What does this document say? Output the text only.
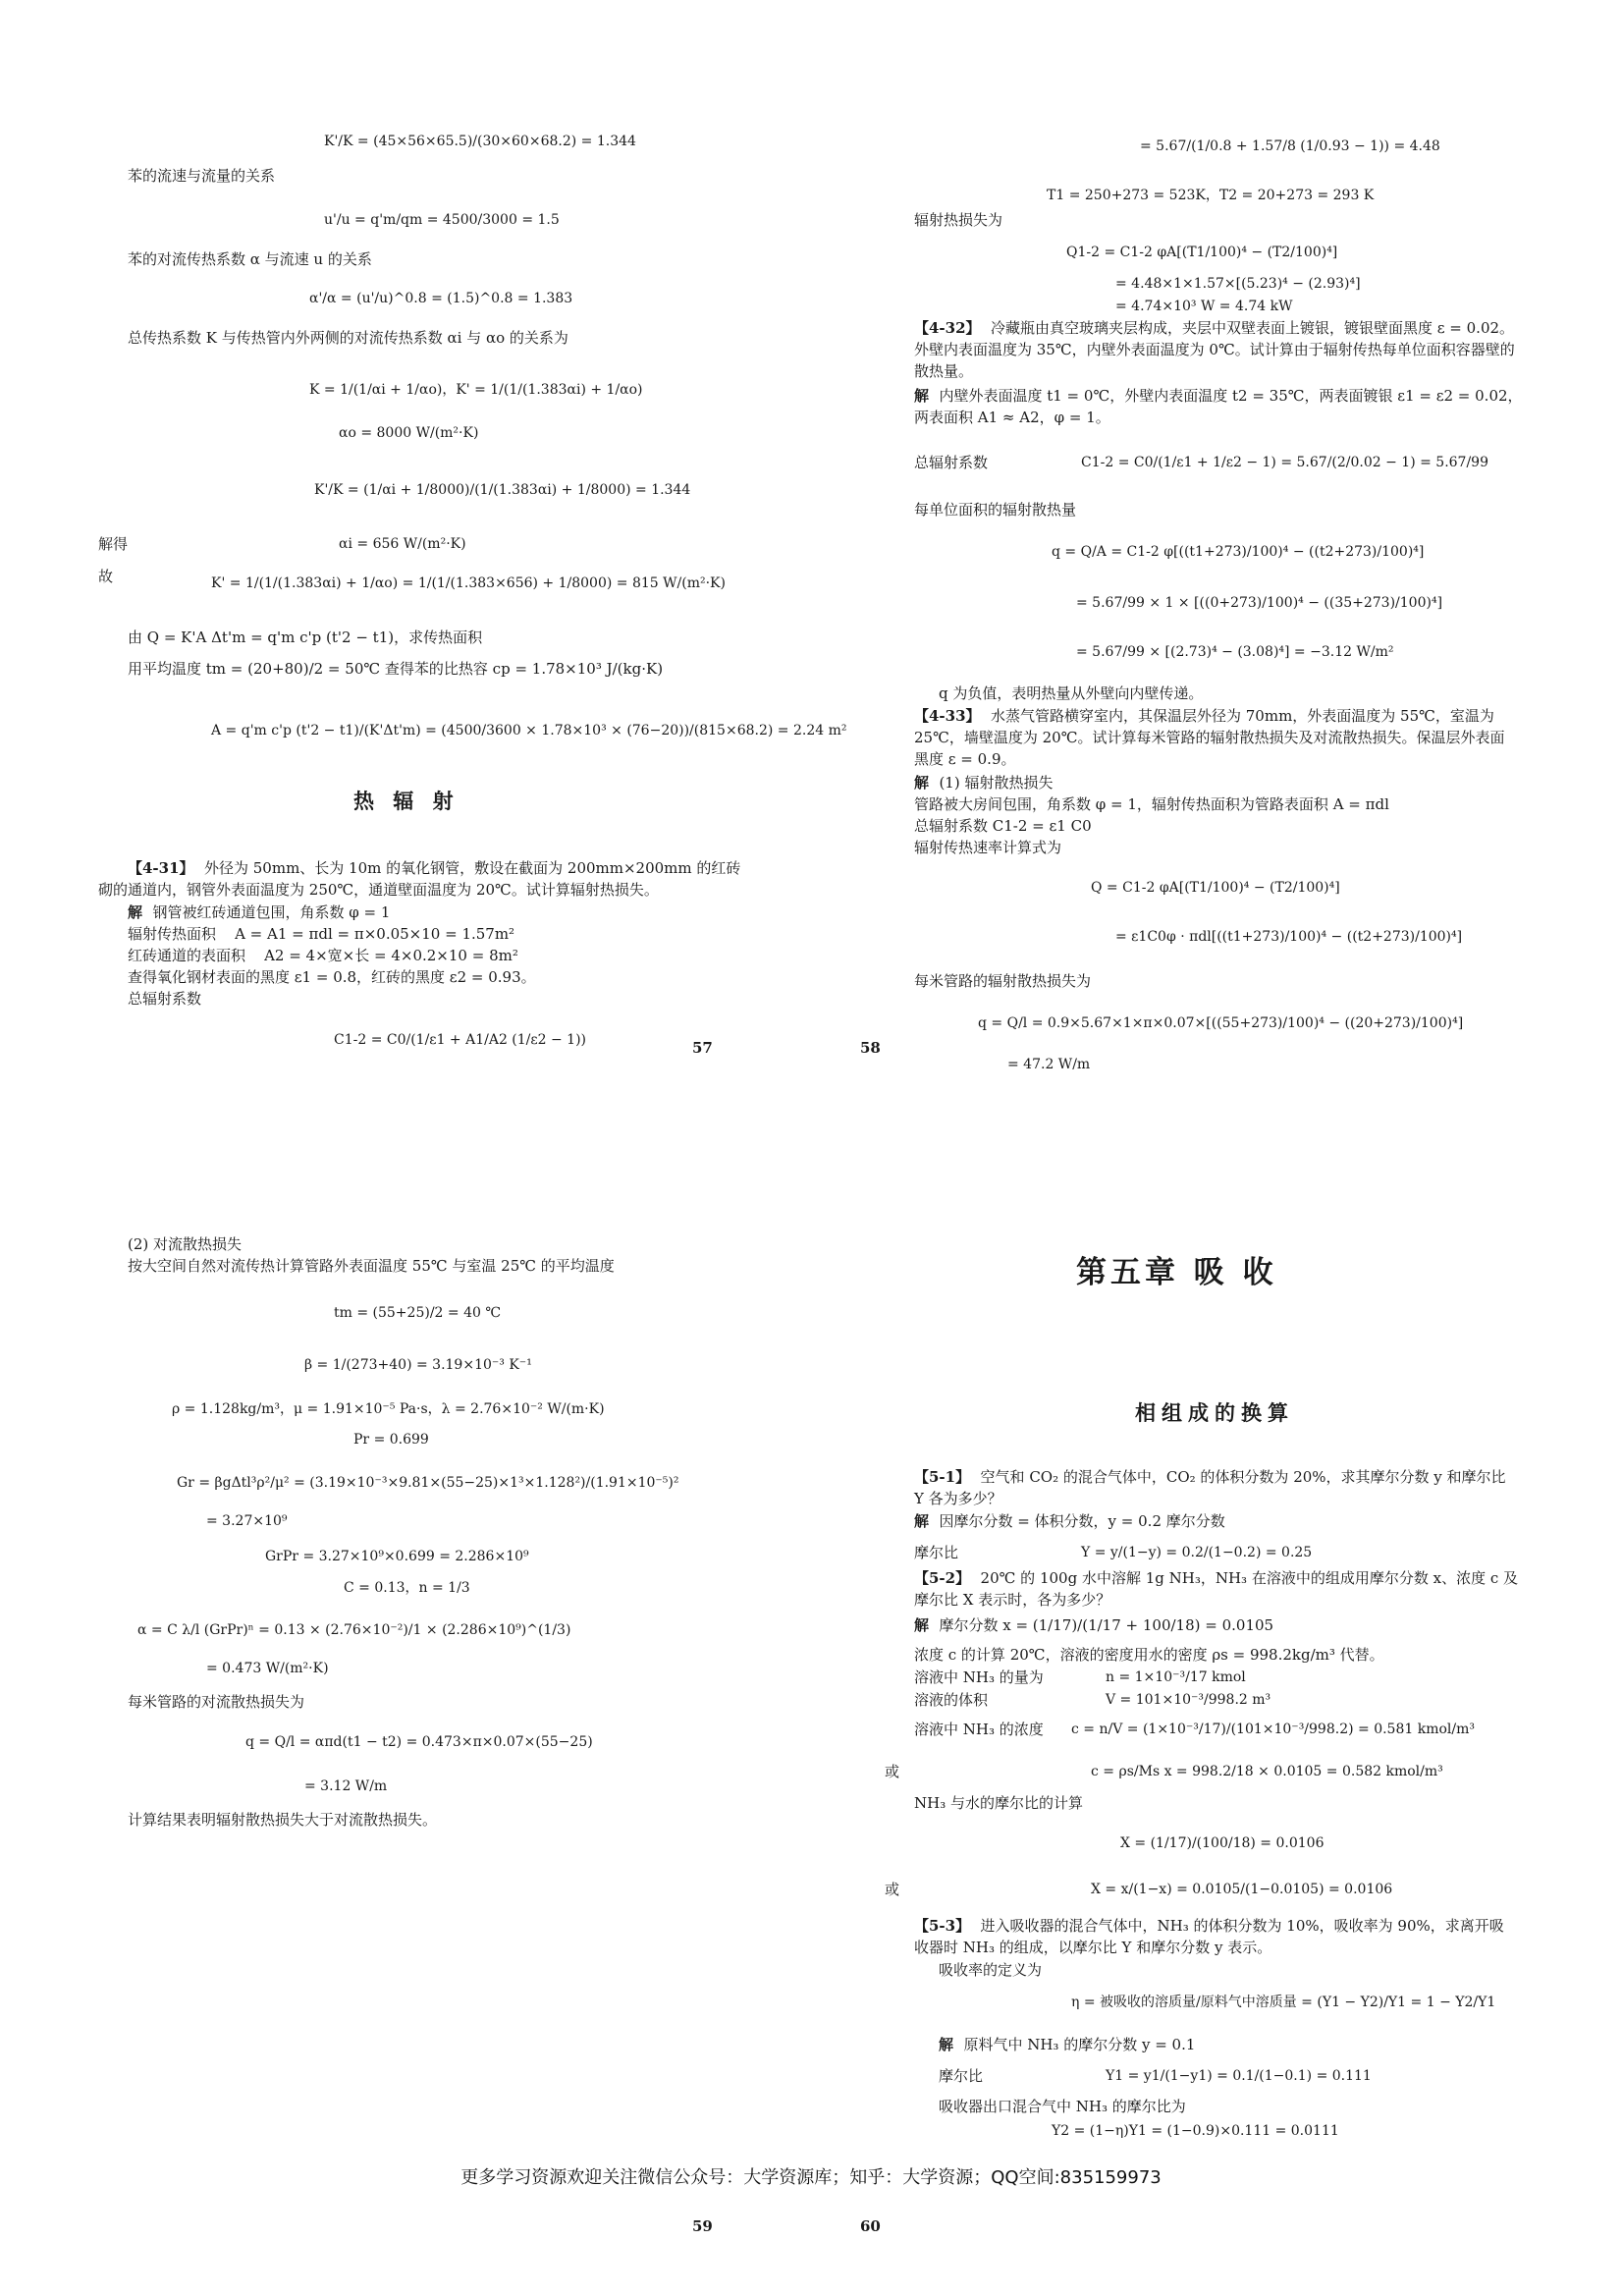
K'/K = (45×56×65.5)/(30×60×68.2) = 1.344
苯的流速与流量的关系
u'/u = q'm/qm = 4500/3000 = 1.5
苯的对流传热系数 α 与流速 u 的关系
α'/α = (u'/u)^0.8 = (1.5)^0.8 = 1.383
总传热系数 K 与传热管内外两侧的对流传热系数 αi 与 αo 的关系为
K = 1/(1/αi + 1/αo)，K' = 1/(1/(1.383αi) + 1/αo)
αo = 8000 W/(m²·K)
K'/K = (1/αi + 1/8000)/(1/(1.383αi) + 1/8000) = 1.344
解得	αi = 656 W/(m²·K)
故	K' = 1/(1/(1.383αi) + 1/αo) = 1/(1/(1.383×656) + 1/8000) = 815 W/(m²·K)
由 Q = K'A Δt'm = q'm c'p (t'2 − t1)，求传热面积
用平均温度 tm = (20+80)/2 = 50℃ 查得苯的比热容 cp = 1.78×10³ J/(kg·K)
A = q'm c'p (t'2 − t1)/(K'Δt'm) = (4500/3600 × 1.78×10³ × (76−20))/(815×68.2) = 2.24 m²
热 辐 射
【4-31】  外径为 50mm、长为 10m 的氧化钢管，敷设在截面为 200mm×200mm 的红砖
砌的通道内，钢管外表面温度为 250℃，通道壁面温度为 20℃。试计算辐射热损失。
解  钢管被红砖通道包围，角系数 φ = 1
辐射传热面积    A = A1 = πdl = π×0.05×10 = 1.57m²
红砖通道的表面积    A2 = 4×宽×长 = 4×0.2×10 = 8m²
查得氧化钢材表面的黑度 ε1 = 0.8，红砖的黑度 ε2 = 0.93。
总辐射系数
C1-2 = C0/(1/ε1 + A1/A2 (1/ε2 − 1))	57
= 5.67/(1/0.8 + 1.57/8 (1/0.93 − 1)) = 4.48
T1 = 250+273 = 523K，T2 = 20+273 = 293 K
辐射热损失为
Q1-2 = C1-2 φA[(T1/100)⁴ − (T2/100)⁴]
= 4.48×1×1.57×[(5.23)⁴ − (2.93)⁴]
= 4.74×10³ W = 4.74 kW
【4-32】  冷藏瓶由真空玻璃夹层构成，夹层中双壁表面上镀银，镀银壁面黑度 ε = 0.02。
外壁内表面温度为 35℃，内壁外表面温度为 0℃。试计算由于辐射传热每单位面积容器壁的
散热量。
解  内壁外表面温度 t1 = 0℃，外壁内表面温度 t2 = 35℃，两表面镀银 ε1 = ε2 = 0.02，
两表面积 A1 ≈ A2，φ = 1。
总辐射系数	C1-2 = C0/(1/ε1 + 1/ε2 − 1) = 5.67/(2/0.02 − 1) = 5.67/99
每单位面积的辐射散热量
q = Q/A = C1-2 φ[((t1+273)/100)⁴ − ((t2+273)/100)⁴]
= 5.67/99 × 1 × [((0+273)/100)⁴ − ((35+273)/100)⁴]
= 5.67/99 × [(2.73)⁴ − (3.08)⁴] = −3.12 W/m²
q 为负值，表明热量从外壁向内壁传递。
【4-33】  水蒸气管路横穿室内，其保温层外径为 70mm，外表面温度为 55℃，室温为
25℃，墙壁温度为 20℃。试计算每米管路的辐射散热损失及对流散热损失。保温层外表面
黑度 ε = 0.9。
解  (1) 辐射散热损失
管路被大房间包围，角系数 φ = 1，辐射传热面积为管路表面积 A = πdl
总辐射系数 C1-2 = ε1 C0
辐射传热速率计算式为
Q = C1-2 φA[(T1/100)⁴ − (T2/100)⁴]
= ε1C0φ · πdl[((t1+273)/100)⁴ − ((t2+273)/100)⁴]
每米管路的辐射散热损失为
q = Q/l = 0.9×5.67×1×π×0.07×[((55+273)/100)⁴ − ((20+273)/100)⁴]
= 47.2 W/m
58
(2) 对流散热损失
按大空间自然对流传热计算管路外表面温度 55℃ 与室温 25℃ 的平均温度
tm = (55+25)/2 = 40 ℃
β = 1/(273+40) = 3.19×10⁻³ K⁻¹
ρ = 1.128kg/m³，μ = 1.91×10⁻⁵ Pa·s，λ = 2.76×10⁻² W/(m·K)
Pr = 0.699
Gr = βgΔtl³ρ²/μ² = (3.19×10⁻³×9.81×(55−25)×1³×1.128²)/(1.91×10⁻⁵)²
= 3.27×10⁹
GrPr = 3.27×10⁹×0.699 = 2.286×10⁹
C = 0.13，n = 1/3
α = C λ/l (GrPr)ⁿ = 0.13 × (2.76×10⁻²)/1 × (2.286×10⁹)^(1/3)
= 0.473 W/(m²·K)
每米管路的对流散热损失为
q = Q/l = απd(t1 − t2) = 0.473×π×0.07×(55−25)
= 3.12 W/m
计算结果表明辐射散热损失大于对流散热损失。
59
第五章 吸 收
【5-1】  空气和 CO₂ 的混合气体中，CO₂ 的体积分数为 20%，求其摩尔分数 y 和摩尔比
Y 各为多少？
解  因摩尔分数 = 体积分数，y = 0.2 摩尔分数
摩尔比	Y = y/(1−y) = 0.2/(1−0.2) = 0.25
【5-2】  20℃ 的 100g 水中溶解 1g NH₃，NH₃ 在溶液中的组成用摩尔分数 x、浓度 c 及
摩尔比 X 表示时，各为多少？
解  摩尔分数 x = (1/17)/(1/17 + 100/18) = 0.0105
浓度 c 的计算 20℃，溶液的密度用水的密度 ρs = 998.2kg/m³ 代替。
溶液中 NH₃ 的量为	n = 1×10⁻³/17 kmol
溶液的体积	V = 101×10⁻³/998.2 m³
溶液中 NH₃ 的浓度 c = n/V = (1×10⁻³/17)/(101×10⁻³/998.2) = 0.581 kmol/m³
或	c = ρs/Ms x = 998.2/18 × 0.0105 = 0.582 kmol/m³
NH₃ 与水的摩尔比的计算
X = (1/17)/(100/18) = 0.0106
或	X = x/(1−x) = 0.0105/(1−0.0105) = 0.0106
【5-3】  进入吸收器的混合气体中，NH₃ 的体积分数为 10%，吸收率为 90%，求离开吸
收器时 NH₃ 的组成，以摩尔比 Y 和摩尔分数 y 表示。
吸收率的定义为
η = 被吸收的溶质量/原料气中溶质量 = (Y1 − Y2)/Y1 = 1 − Y2/Y1
解  原料气中 NH₃ 的摩尔分数 y = 0.1
摩尔比	Y1 = y1/(1−y1) = 0.1/(1−0.1) = 0.111
吸收器出口混合气中 NH₃ 的摩尔比为
Y2 = (1−η)Y1 = (1−0.9)×0.111 = 0.0111
相组成的换算
60
更多学习资源欢迎关注微信公众号：大学资源库；知乎：大学资源；QQ空间:835159973
